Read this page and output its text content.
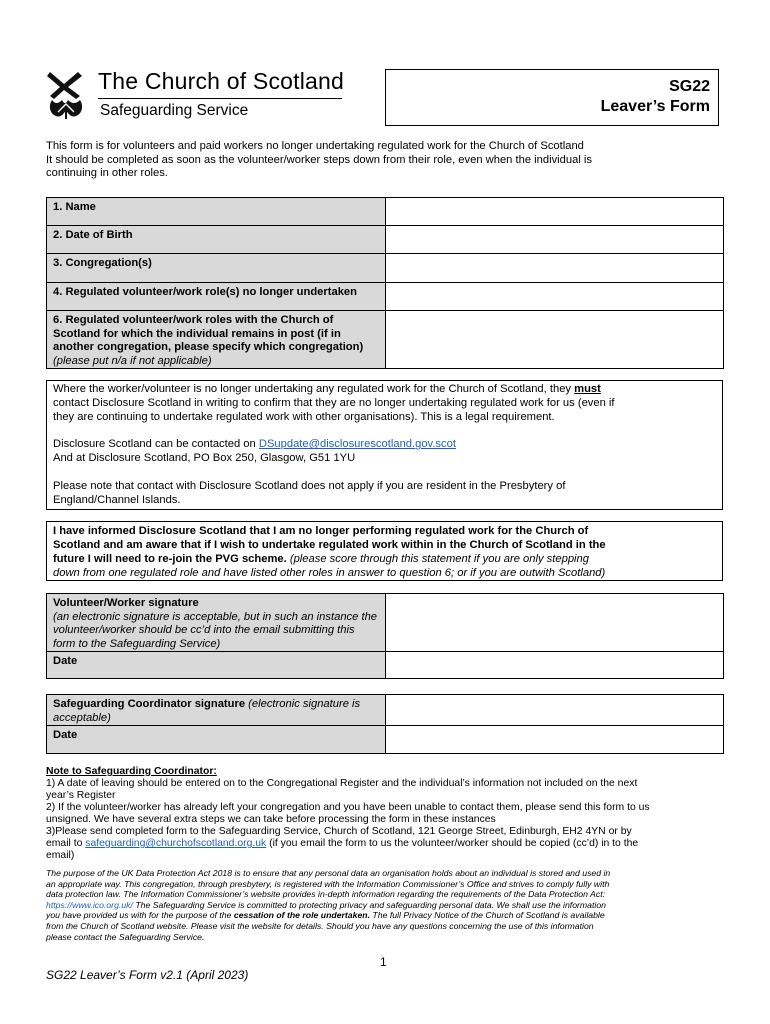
The Church of Scotland
Safeguarding Service
SG22
Leaver’s Form
This form is for volunteers and paid workers no longer undertaking regulated work for the Church of Scotland
It should be completed as soon as the volunteer/worker steps down from their role, even when the individual is
continuing in other roles.
1. Name	
2. Date of Birth	
3. Congregation(s)	
4. Regulated volunteer/work role(s) no longer undertaken	
6. Regulated volunteer/work roles with the Church of Scotland for which the individual remains in post (if in another congregation, please specify which congregation) (please put n/a if not applicable)	
Where the worker/volunteer is no longer undertaking any regulated work for the Church of Scotland, they must
contact Disclosure Scotland in writing to confirm that they are no longer undertaking regulated work for us (even if
they are continuing to undertake regulated work with other organisations). This is a legal requirement.
Disclosure Scotland can be contacted on DSupdate@disclosurescotland.gov.scot
And at Disclosure Scotland, PO Box 250, Glasgow, G51 1YU
Please note that contact with Disclosure Scotland does not apply if you are resident in the Presbytery of
England/Channel Islands.
I have informed Disclosure Scotland that I am no longer performing regulated work for the Church of
Scotland and am aware that if I wish to undertake regulated work within in the Church of Scotland in the
future I will need to re-join the PVG scheme. (please score through this statement if you are only stepping
down from one regulated role and have listed other roles in answer to question 6; or if you are outwith Scotland)
Volunteer/Worker signature
(an electronic signature is acceptable, but in such an instance the volunteer/worker should be cc’d into the email submitting this form to the Safeguarding Service)	

Date	
Safeguarding Coordinator signature (electronic signature is acceptable)	
Date	
Note to Safeguarding Coordinator:
1) A date of leaving should be entered on to the Congregational Register and the individual’s information not included on the next
year’s Register
2) If the volunteer/worker has already left your congregation and you have been unable to contact them, please send this form to us
unsigned. We have several extra steps we can take before processing the form in these instances
3)Please send completed form to the Safeguarding Service, Church of Scotland, 121 George Street, Edinburgh, EH2 4YN or by
email to safeguarding@churchofscotland.org.uk (if you email the form to us the volunteer/worker should be copied (cc’d) in to the
email)
The purpose of the UK Data Protection Act 2018 is to ensure that any personal data an organisation holds about an individual is stored and used in
an appropriate way. This congregation, through presbytery, is registered with the Information Commissioner’s Office and strives to comply fully with
data protection law. The Information Commissioner’s website provides in-depth information regarding the requirements of the Data Protection Act:
https://www.ico.org.uk/ The Safeguarding Service is committed to protecting privacy and safeguarding personal data. We shall use the information
you have provided us with for the purpose of the cessation of the role undertaken. The full Privacy Notice of the Church of Scotland is available
from the Church of Scotland website. Please visit the website for details. Should you have any questions concerning the use of this information
please contact the Safeguarding Service.
1
SG22 Leaver’s Form v2.1 (April 2023)
